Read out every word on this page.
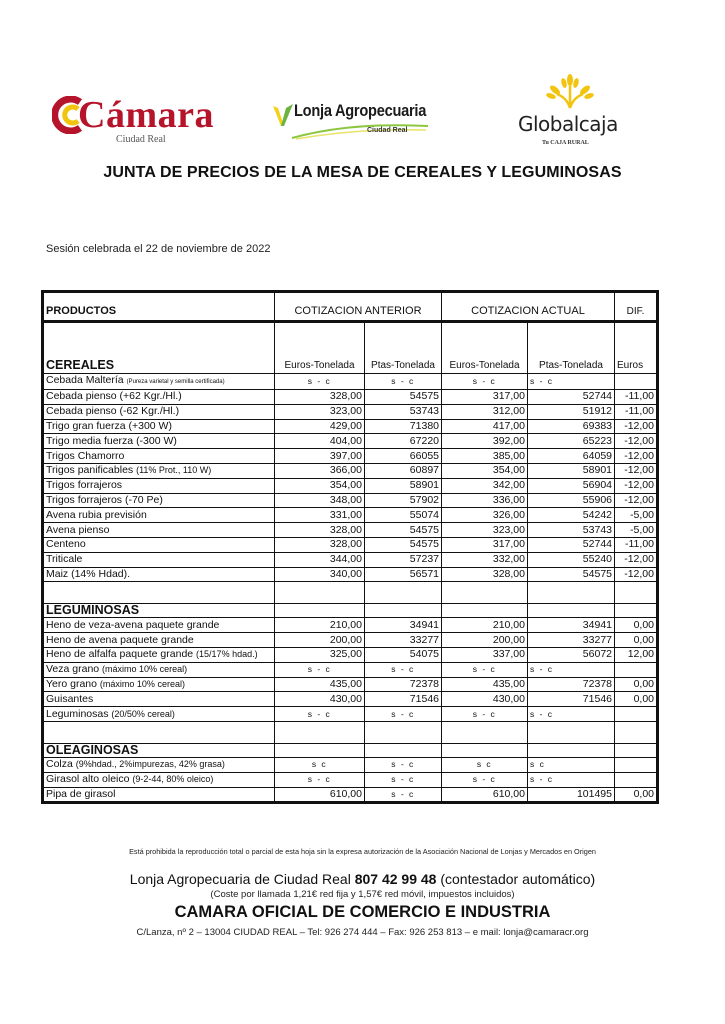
Cámara
Ciudad Real
Lonja Agropecuaria
Ciudad Real	Globalcaja
Tu CAJA RURAL
JUNTA DE PRECIOS DE LA MESA DE CEREALES Y LEGUMINOSAS
Sesión celebrada el 22 de noviembre de 2022
PRODUCTOS	COTIZACION ANTERIOR		COTIZACION ACTUAL		DIF.
CEREALES	Euros-Tonelada	Ptas-Tonelada	Euros-Tonelada	Ptas-Tonelada	Euros
Cebada Maltería (Pureza varietal y semilla certificada)	s - c	s - c	s - c	s - c	
Cebada pienso (+62 Kgr./Hl.)	328,00	54575	317,00	52744	-11,00
Cebada pienso (-62 Kgr./Hl.)	323,00	53743	312,00	51912	-11,00
Trigo gran fuerza (+300 W)	429,00	71380	417,00	69383	-12,00
Trigo media fuerza (-300 W)	404,00	67220	392,00	65223	-12,00
Trigos Chamorro	397,00	66055	385,00	64059	-12,00
Trigos panificables (11% Prot., 110 W)	366,00	60897	354,00	58901	-12,00
Trigos forrajeros	354,00	58901	342,00	56904	-12,00
Trigos forrajeros (-70 Pe)	348,00	57902	336,00	55906	-12,00
Avena rubia previsión	331,00	55074	326,00	54242	-5,00
Avena pienso	328,00	54575	323,00	53743	-5,00
Centeno	328,00	54575	317,00	52744	-11,00
Triticale	344,00	57237	332,00	55240	-12,00
Maiz (14% Hdad).	340,00	56571	328,00	54575	-12,00

LEGUMINOSAS					
Heno de veza-avena paquete grande	210,00	34941	210,00	34941	0,00
Heno de avena paquete grande	200,00	33277	200,00	33277	0,00
Heno de alfalfa paquete grande (15/17% hdad.)	325,00	54075	337,00	56072	12,00
Veza grano (máximo 10% cereal)	s - c	s - c	s - c	s - c	
Yero grano (máximo 10% cereal)	435,00	72378	435,00	72378	0,00
Guisantes	430,00	71546	430,00	71546	0,00
Leguminosas (20/50% cereal)	s - c	s - c	s - c	s - c	

OLEAGINOSAS					
Colza (9%hdad., 2%impurezas, 42% grasa)	s c	s - c	s c	s c	
Girasol alto oleico (9-2-44, 80% oleico)	s - c	s - c	s - c	s - c	
Pipa de girasol	610,00	s - c	610,00	101495	0,00
Está prohibida la reproducción total o parcial de esta hoja sin la expresa autorización de la Asociación Nacional de Lonjas y Mercados en Origen
Lonja Agropecuaria de Ciudad Real 807 42 99 48 (contestador automático)
(Coste por llamada 1,21€ red fija y 1,57€ red móvil, impuestos incluidos)
CAMARA OFICIAL DE COMERCIO E INDUSTRIA
C/Lanza, nº 2 – 13004 CIUDAD REAL – Tel: 926 274 444 – Fax: 926 253 813 – e mail: lonja@camaracr.org
